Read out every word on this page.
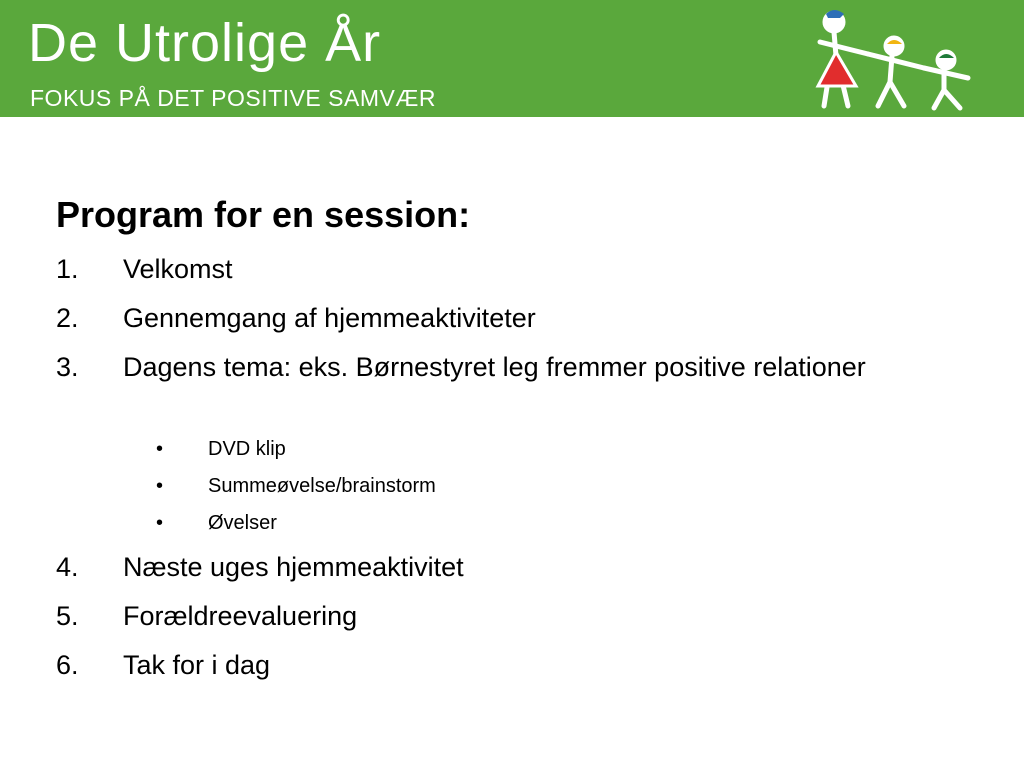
De Utrolige År
FOKUS PÅ DET POSITIVE SAMVÆR
Program for en session:
1. Velkomst
2. Gennemgang af hjemmeaktiviteter
3. Dagens tema: eks. Børnestyret leg fremmer positive relationer
• DVD klip
• Summeøvelse/brainstorm
• Øvelser
4. Næste uges hjemmeaktivitet
5. Forældreevaluering
6. Tak for i dag
